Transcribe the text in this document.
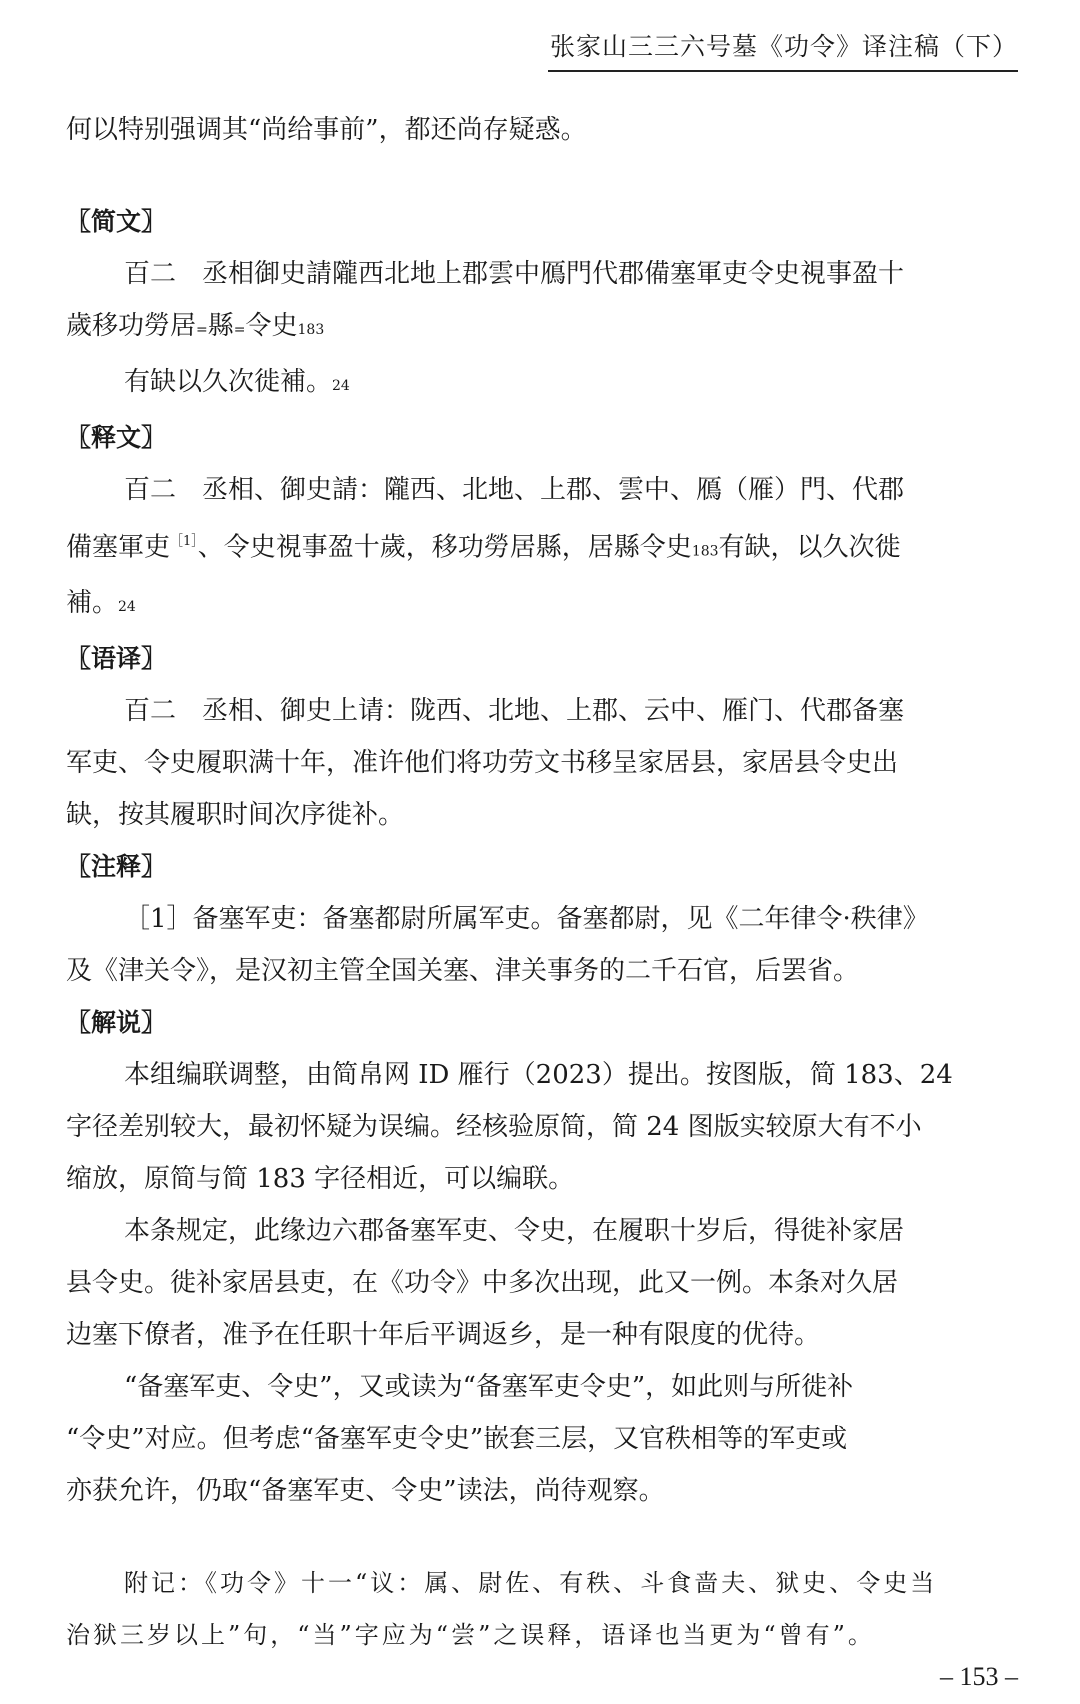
张家山三三六号墓《功令》译注稿（下）

何以特别强调其“尚给事前”，都还尚存疑惑。

〖简文〗

百二　丞相御史請隴西北地上郡雲中鴈門代郡備塞軍吏令史視事盈十

歲移功勞居=縣=令史183

有缺以久次徙補。24

〖释文〗

百二　丞相、御史請：隴西、北地、上郡、雲中、鴈（雁）門、代郡

備塞軍吏$^{[1]}$、令史視事盈十歲，移功勞居縣，居縣令史183有缺，以久次徙

補。24

〖语译〗

百二　丞相、御史上请：陇西、北地、上郡、云中、雁门、代郡备塞

军吏、令史履职满十年，准许他们将功劳文书移呈家居县，家居县令史出

缺，按其履职时间次序徙补。

〖注释〗

［1］备塞军吏：备塞都尉所属军吏。备塞都尉，见《二年律令·秩律》

及《津关令》，是汉初主管全国关塞、津关事务的二千石官，后罢省。

〖解说〗

本组编联调整，由简帛网 ID 雁行（2023）提出。按图版，简 183、24

字径差别较大，最初怀疑为误编。经核验原简，简 24 图版实较原大有不小

缩放，原简与简 183 字径相近，可以编联。

本条规定，此缘边六郡备塞军吏、令史，在履职十岁后，得徙补家居

县令史。徙补家居县吏，在《功令》中多次出现，此又一例。本条对久居

边塞下僚者，准予在任职十年后平调返乡，是一种有限度的优待。

“备塞军吏、令史”，又或读为“备塞军吏令史”，如此则与所徙补

“令史”对应。但考虑“备塞军吏令史”嵌套三层，又官秩相等的军吏或

亦获允许，仍取“备塞军吏、令史”读法，尚待观察。

附记：《功令》十一“议：属、尉佐、有秩、斗食啬夫、狱史、令史当

治狱三岁以上”句，“当”字应为“尝”之误释，语译也当更为“曾有”。

– 153 –
